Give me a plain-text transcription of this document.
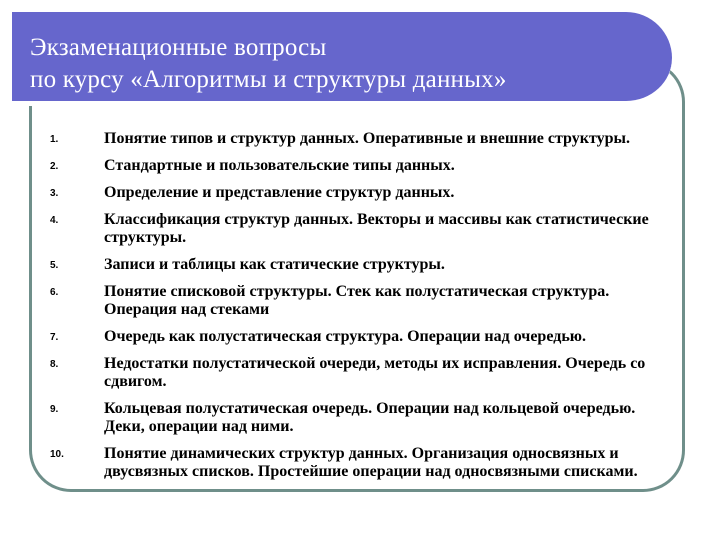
Экзаменационные вопросы
по курсу «Алгоритмы и структуры данных»
1.	Понятие типов и структур данных. Оперативные и внешние структуры.
2.	Стандартные и пользовательские типы данных.
3.	Определение и представление структур данных.
4.	Классификация структур данных. Векторы и массивы как статистические структуры.
5.	Записи и таблицы как статические структуры.
6.	Понятие списковой структуры. Стек как полустатическая структура. Операция над стеками
7.	Очередь как полустатическая структура. Операции над очередью.
8.	Недостатки полустатической очереди, методы их исправления. Очередь со сдвигом.
9.	Кольцевая полустатическая очередь. Операции над кольцевой очередью. Деки, операции над ними.
10.	Понятие динамических структур данных. Организация односвязных и двусвязных списков. Простейшие операции над односвязными списками.
